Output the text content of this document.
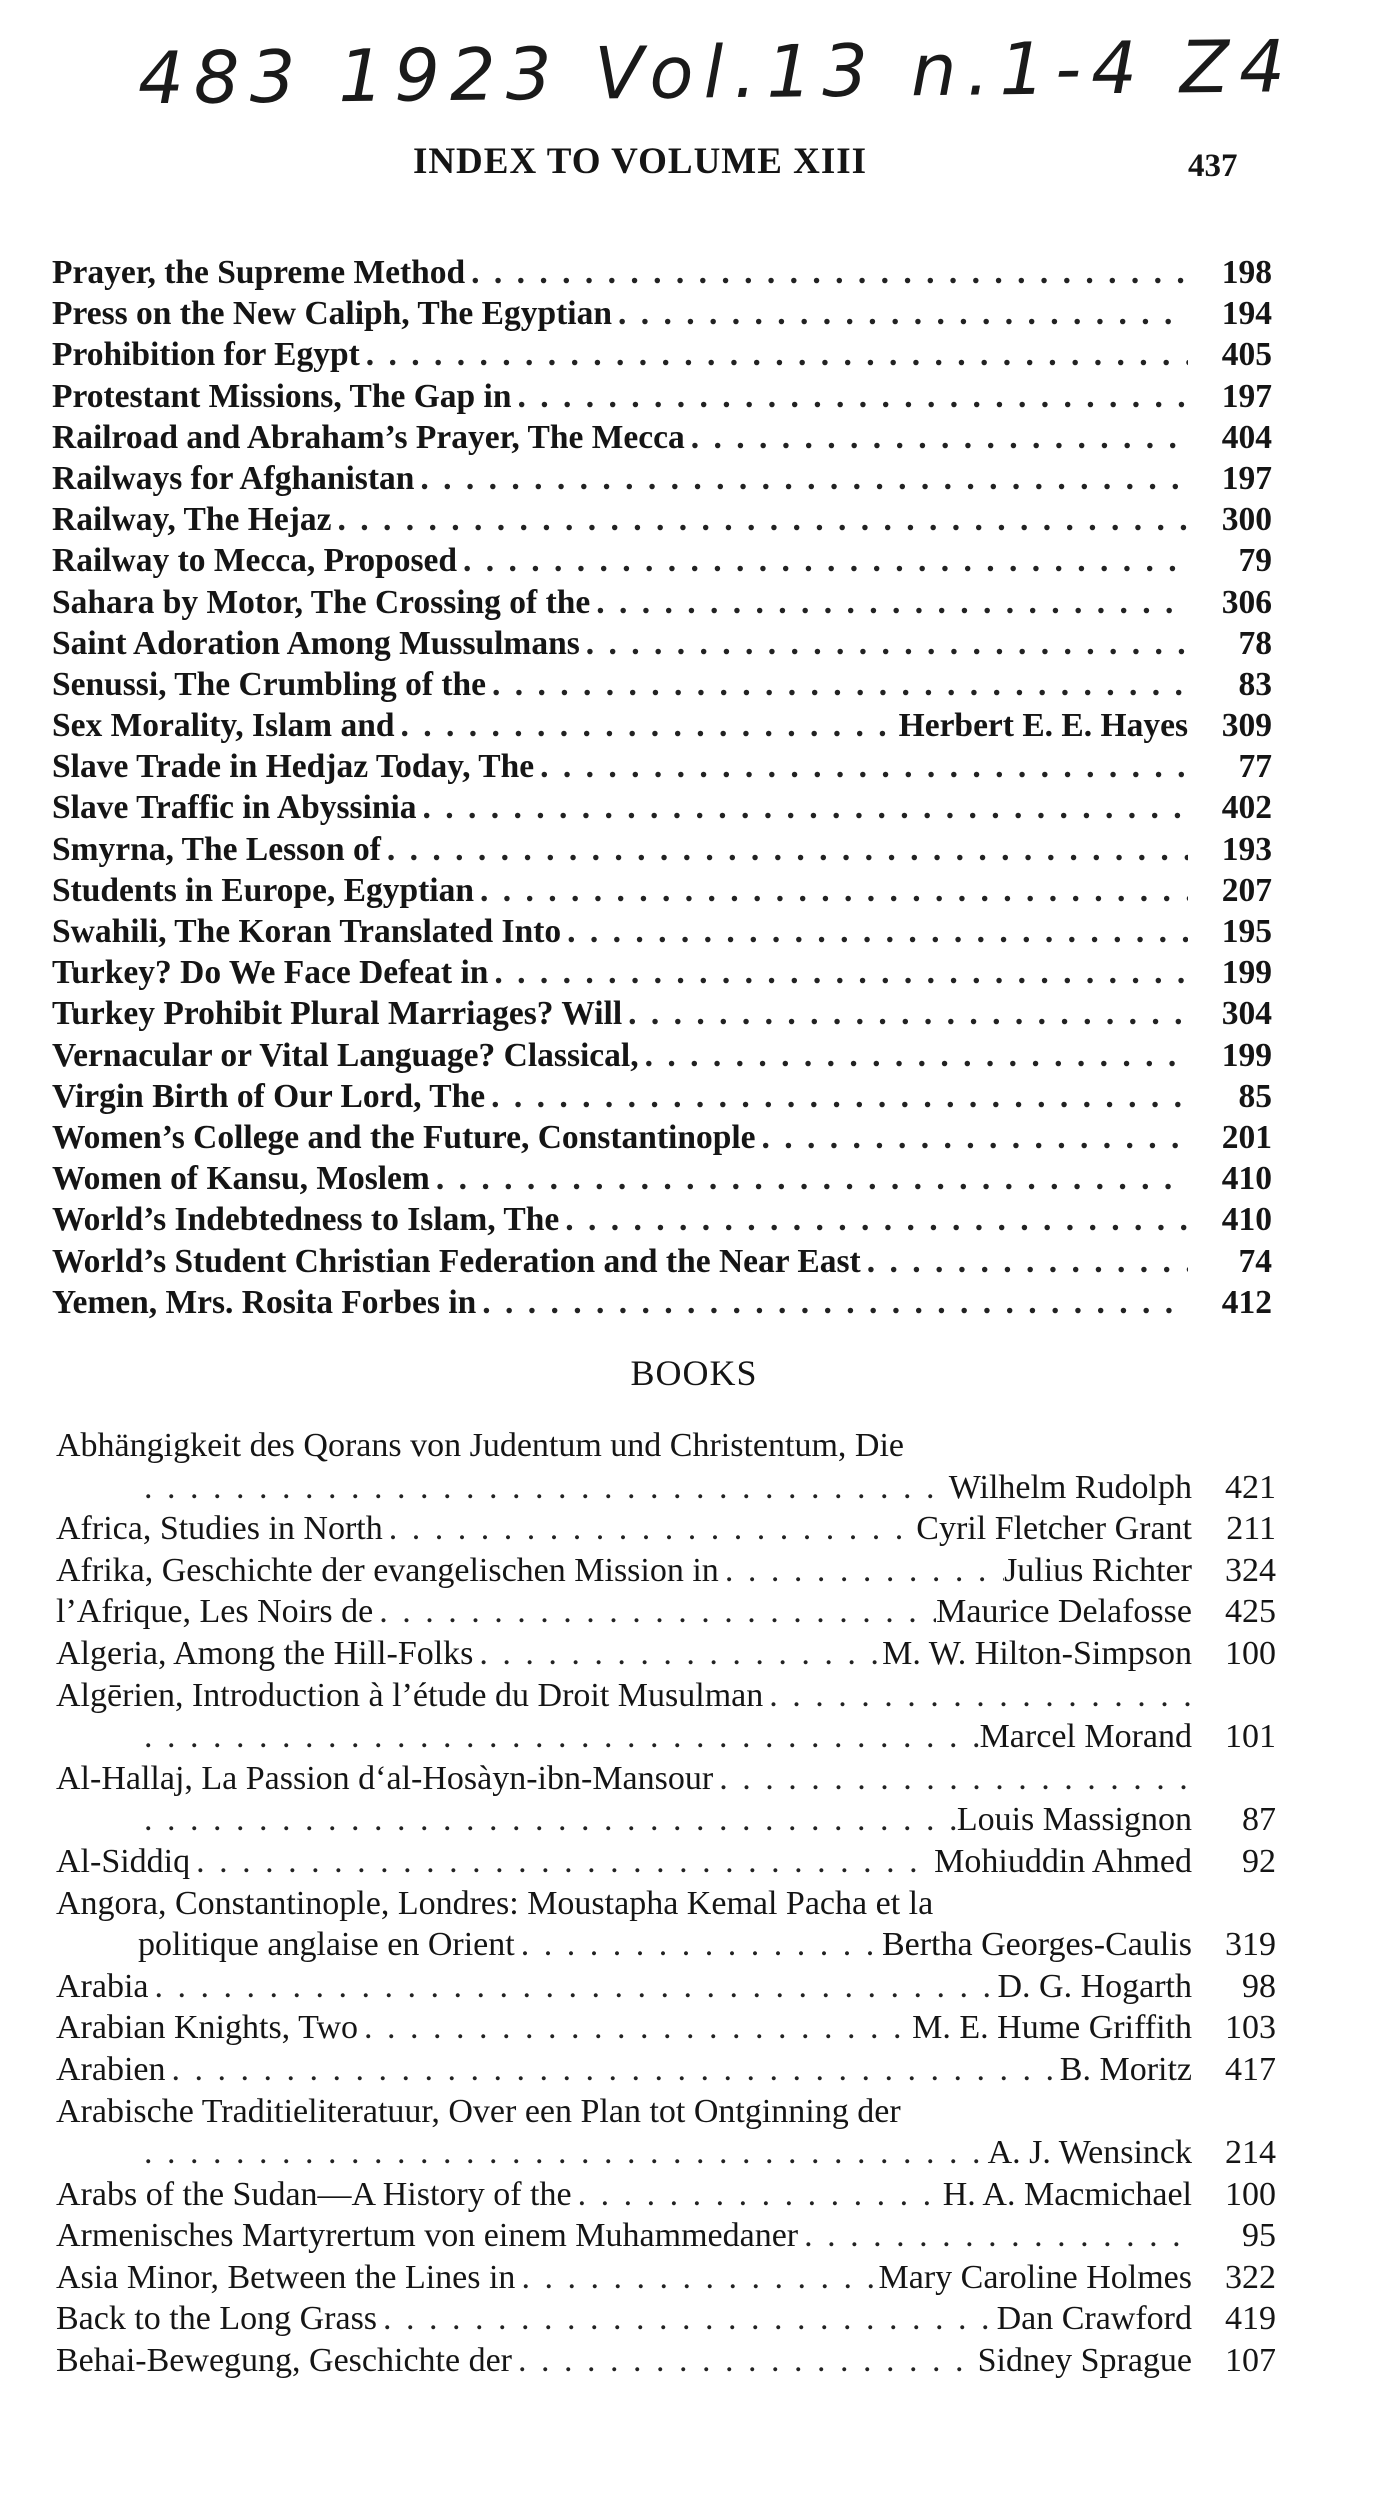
483 1923 Vol.13 n.1-4 Z4
INDEX TO VOLUME XIII	437
Prayer, the Supreme Method . . .	198
Press on the New Caliph, The Egyptian . . .	194
Prohibition for Egypt . . .	405
Protestant Missions, The Gap in . . .	197
Railroad and Abraham’s Prayer, The Mecca . . .	404
Railways for Afghanistan . . .	197
Railway, The Hejaz . . .	300
Railway to Mecca, Proposed . . .	79
Sahara by Motor, The Crossing of the . . .	306
Saint Adoration Among Mussulmans . . .	78
Senussi, The Crumbling of the . . .	83
Sex Morality, Islam and . . .	Herbert E. E. Hayes	309
Slave Trade in Hedjaz Today, The . . .	77
Slave Traffic in Abyssinia . . .	402
Smyrna, The Lesson of . . .	193
Students in Europe, Egyptian . . .	207
Swahili, The Koran Translated Into . . .	195
Turkey? Do We Face Defeat in . . .	199
Turkey Prohibit Plural Marriages? Will . . .	304
Vernacular or Vital Language? Classical, . . .	199
Virgin Birth of Our Lord, The . . .	85
Women’s College and the Future, Constantinople . . .	201
Women of Kansu, Moslem . . .	410
World’s Indebtedness to Islam, The . . .	410
World’s Student Christian Federation and the Near East . . .	74
Yemen, Mrs. Rosita Forbes in . . .	412
BOOKS
Abhängigkeit des Qorans von Judentum und Christentum, Die
. . .
Wilhelm Rudolph 421
Africa, Studies in North . . .	Cyril Fletcher Grant	211
Afrika, Geschichte der evangelischen Mission in . . .	Julius Richter 324
l’Afrique, Les Noirs de . . .	Maurice Delafosse 425
Algeria, Among the Hill-Folks . . .	M. W. Hilton-Simpson 100
Algērien, Introduction à l’étude du Droit Musulman
. . .
. . .
Marcel Morand 101
Al-Hallaj, La Passion d‘al-Hosàyn-ibn-Mansour
. . .
. . .
Louis Massignon	87
Al-Siddiq . . .	Mohiuddin Ahmed	92
Angora, Constantinople, Londres: Moustapha Kemal Pacha et la
politique anglaise en Orient . . .	Bertha Georges-Caulis 319
Arabia . . .	D. G. Hogarth	98
Arabian Knights, Two . . .	M. E. Hume Griffith 103
Arabien . . .	B. Moritz 417
Arabische Traditieliteratuur, Over een Plan tot Ontginning der
. . .
A. J. Wensinck 214
Arabs of the Sudan—A History of the . . .	H. A. Macmichael 100
Armenisches Martyrertum von einem Muhammedaner . . .	95
Asia Minor, Between the Lines in . . .	Mary Caroline Holmes 322
Back to the Long Grass . . .	Dan Crawford 419
Behai-Bewegung, Geschichte der . . .	Sidney Sprague 107
